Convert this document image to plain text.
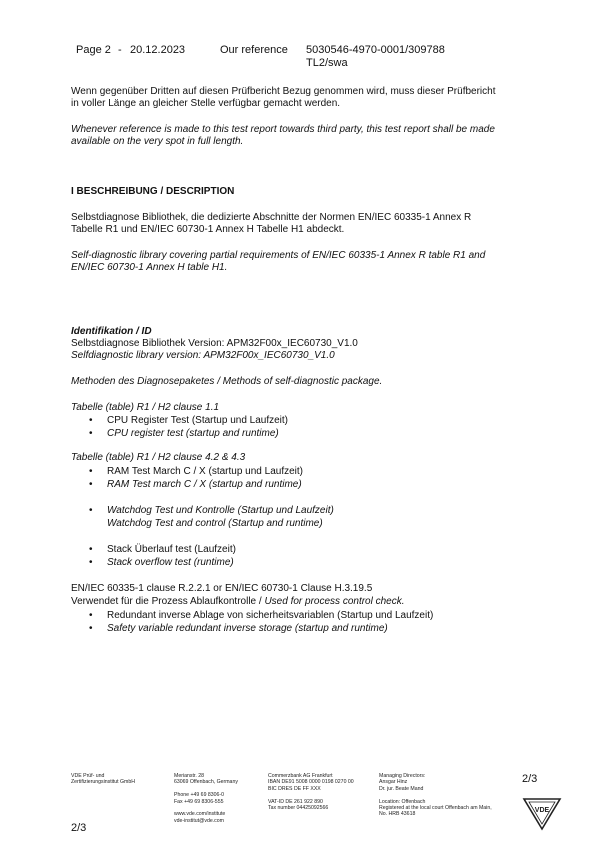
Page 2 - 20.12.2023	Our reference 5030546-4970-0001/309788
TL2/swa
Wenn gegenüber Dritten auf diesen Prüfbericht Bezug genommen wird, muss dieser Prüfbericht
in voller Länge an gleicher Stelle verfügbar gemacht werden.
Whenever reference is made to this test report towards third party, this test report shall be made
available on the very spot in full length.
I BESCHREIBUNG / DESCRIPTION
Selbstdiagnose Bibliothek, die dedizierte Abschnitte der Normen EN/IEC 60335-1 Annex R
Tabelle R1 und EN/IEC 60730-1 Annex H Tabelle H1 abdeckt.
Self-diagnostic library covering partial requirements of EN/IEC 60335-1 Annex R table R1 and
EN/IEC 60730-1 Annex H table H1.
Identifikation / ID
Selbstdiagnose Bibliothek Version: APM32F00x_IEC60730_V1.0
Selfdiagnostic library version: APM32F00x_IEC60730_V1.0
Methoden des Diagnosepaketes / Methods of self-diagnostic package.
Tabelle (table) R1 / H2 clause 1.1
• CPU Register Test (Startup und Laufzeit)
• CPU register test (startup and runtime)
Tabelle (table) R1 / H2 clause 4.2 & 4.3
• RAM Test March C / X (startup und Laufzeit)
• RAM Test march C / X (startup and runtime)
• Watchdog Test und Kontrolle (Startup und Laufzeit)
Watchdog Test and control (Startup and runtime)
• Stack Überlauf test (Laufzeit)
• Stack overflow test (runtime)
EN/IEC 60335-1 clause R.2.2.1 or EN/IEC 60730-1 Clause H.3.19.5
Verwendet für die Prozess Ablaufkontrolle / Used for process control check.
• Redundant inverse Ablage von sicherheitsvariablen (Startup und Laufzeit)
• Safety variable redundant inverse storage (startup and runtime)
VDE Prüf- und
Zertifizierungsinstitut GmbH
Merianstr. 28
63069 Offenbach, Germany
Phone +49 69 8306-0
Fax +49 69 8306-555
www.vde.com/institute
vde-institut@vde.com
Commerzbank AG Frankfurt
IBAN DE91 5008 0000 0198 0270 00
BIC DRES DE FF XXX
VAT-ID DE 261 922 890
Tax number 04425092566
Managing Directors:
Ansgar Hinz
Dr. jur. Beate Mand
Location: Offenbach
Registered at the local court Offenbach am Main,
No. HRB 43618
2/3
VDE
2/3
